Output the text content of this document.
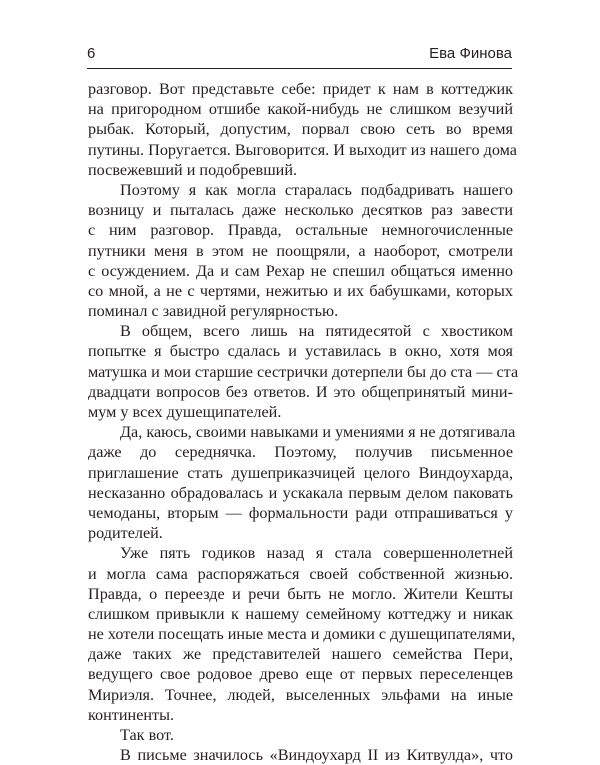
6	Ева Финова
разговор. Вот представьте себе: придет к нам в коттеджик
на пригородном отшибе какой-нибудь не слишком везучий
рыбак. Который, допустим, порвал свою сеть во время
путины. Поругается. Выговорится. И выходит из нашего дома
посвежевший и подобревший.
Поэтому я как могла старалась подбадривать нашего
возницу и пыталась даже несколько десятков раз завести
с ним разговор. Правда, остальные немногочисленные
путники меня в этом не поощряли, а наоборот, смотрели
с осуждением. Да и сам Рехар не спешил общаться именно
со мной, а не с чертями, нежитью и их бабушками, которых
поминал с завидной регулярностью.
В общем, всего лишь на пятидесятой с хвостиком
попытке я быстро сдалась и уставилась в окно, хотя моя
матушка и мои старшие сестрички дотерпели бы до ста — ста
двадцати вопросов без ответов. И это общепринятый мини-
мум у всех душещипателей.
Да, каюсь, своими навыками и умениями я не дотягивала
даже до середнячка. Поэтому, получив письменное
приглашение стать душеприказчицей целого Виндоухарда,
несказанно обрадовалась и ускакала первым делом паковать
чемоданы, вторым — формальности ради отпрашиваться у
родителей.
Уже пять годиков назад я стала совершеннолетней
и могла сама распоряжаться своей собственной жизнью.
Правда, о переезде и речи быть не могло. Жители Кешты
слишком привыкли к нашему семейному коттеджу и никак
не хотели посещать иные места и домики с душещипателями,
даже таких же представителей нашего семейства Пери,
ведущего свое родовое древо еще от первых переселенцев
Мириэля. Точнее, людей, выселенных эльфами на иные
континенты.
Так вот.
В письме значилось «Виндоухард II из Китвулда», что
